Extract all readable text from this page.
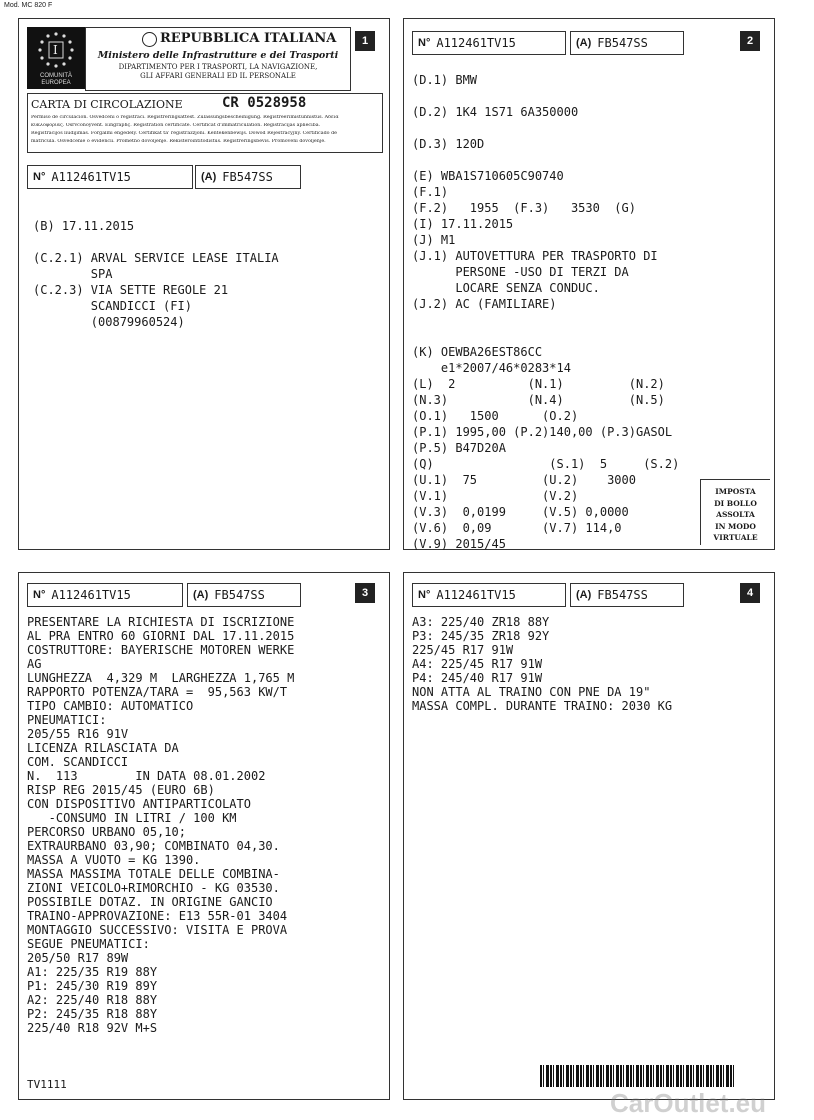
Mod. MC 820 F
1
I
COMUNITÀ EUROPEA
REPUBBLICA ITALIANA
Ministero delle Infrastrutture e dei Trasporti
DIPARTIMENTO PER I TRASPORTI, LA NAVIGAZIONE,
GLI AFFARI GENERALI ED IL PERSONALE
CARTA DI CIRCOLAZIONE	CR 0528958
Permiso de circulación. Osvědčení o registraci. Registreringsattest. Zulassungsbescheinigung. Registreerimistunnistus. Άδεια
κυκλοφορίας. Ōsrvconoyvent. Eingraphç. Registration certificate. Certificat d'immatriculation. Registracijas apliecība.
Registracijos liudijimas. Forgalmi engedély. Certifikat ta' registrazzjoni. Kentekenbewijs. Dowód Rejestracyjny. Certificado de
matrícula. Osvedčenie o evidencii. Prometno dovoljenje. Rekisteröintitodistus. Registreringsbevis. Promoveni dovoljenje.
N° A112461TV15	(A) FB547SS
(B) 17.11.2015
(C.2.1) ARVAL SERVICE LEASE ITALIA
SPA
(C.2.3) VIA SETTE REGOLE 21
SCANDICCI (FI)
(00879960524)
2
N° A112461TV15	(A) FB547SS
(D.1) BMW
(D.2) 1K4 1S71 6A350000
(D.3) 120D
(E) WBA1S710605C90740
(F.1)
(F.2)   1955  (F.3)   3530  (G)
(I) 17.11.2015
(J) M1
(J.1) AUTOVETTURA PER TRASPORTO DI
PERSONE -USO DI TERZI DA
LOCARE SENZA CONDUC.
(J.2) AC (FAMILIARE)
(K) OEWBA26EST86CC
e1*2007/46*0283*14
(L)  2          (N.1)         (N.2)
(N.3)           (N.4)         (N.5)
(O.1)   1500      (O.2)
(P.1) 1995,00 (P.2)140,00 (P.3)GASOL
(P.5) B47D20A
(Q)                (S.1)  5     (S.2)
(U.1)  75         (U.2)    3000
(V.1)             (V.2)
(V.3)  0,0199     (V.5) 0,0000
(V.6)  0,09       (V.7) 114,0
(V.9) 2015/45
IMPOSTA
DI BOLLO
ASSOLTA
IN MODO
VIRTUALE
3
N° A112461TV15	(A) FB547SS
PRESENTARE LA RICHIESTA DI ISCRIZIONE
AL PRA ENTRO 60 GIORNI DAL 17.11.2015
COSTRUTTORE: BAYERISCHE MOTOREN WERKE
AG
LUNGHEZZA  4,329 M  LARGHEZZA 1,765 M
RAPPORTO POTENZA/TARA =  95,563 KW/T
TIPO CAMBIO: AUTOMATICO
PNEUMATICI:
205/55 R16 91V
LICENZA RILASCIATA DA
COM. SCANDICCI
N.  113        IN DATA 08.01.2002
RISP REG 2015/45 (EURO 6B)
CON DISPOSITIVO ANTIPARTICOLATO
-CONSUMO IN LITRI / 100 KM
PERCORSO URBANO 05,10;
EXTRAURBANO 03,90; COMBINATO 04,30.
MASSA A VUOTO = KG 1390.
MASSA MASSIMA TOTALE DELLE COMBINA-
ZIONI VEICOLO+RIMORCHIO - KG 03530.
POSSIBILE DOTAZ. IN ORIGINE GANCIO
TRAINO-APPROVAZIONE: E13 55R-01 3404
MONTAGGIO SUCCESSIVO: VISITA E PROVA
SEGUE PNEUMATICI:
205/50 R17 89W
A1: 225/35 R19 88Y
P1: 245/30 R19 89Y
A2: 225/40 R18 88Y
P2: 245/35 R18 88Y
225/40 R18 92V M+S
TV1111
4
N° A112461TV15	(A) FB547SS
A3: 225/40 ZR18 88Y
P3: 245/35 ZR18 92Y
225/45 R17 91W
A4: 225/45 R17 91W
P4: 245/40 R17 91W
NON ATTA AL TRAINO CON PNE DA 19"
MASSA COMPL. DURANTE TRAINO: 2030 KG
CarOutlet.eu
